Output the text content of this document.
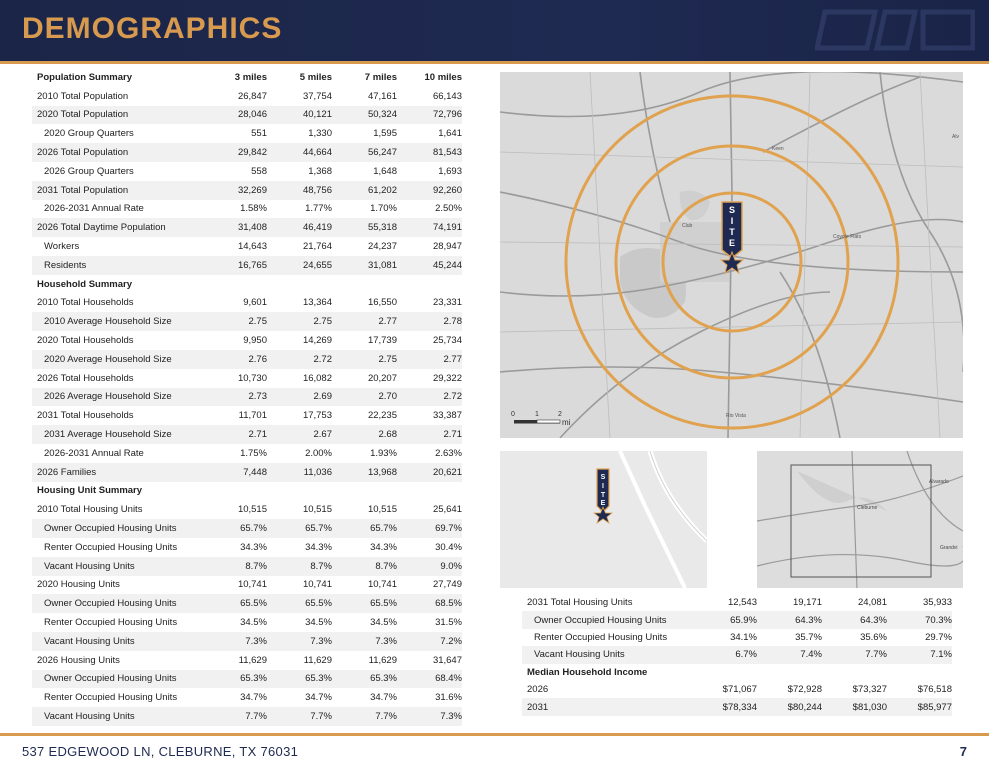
DEMOGRAPHICS
Population Summary	3 miles	5 miles	7 miles	10 miles
2010 Total Population	26,847	37,754	47,161	66,143
2020 Total Population	28,046	40,121	50,324	72,796
2020 Group Quarters	551	1,330	1,595	1,641
2026 Total Population	29,842	44,664	56,247	81,543
2026 Group Quarters	558	1,368	1,648	1,693
2031 Total Population	32,269	48,756	61,202	92,260
2026-2031 Annual Rate	1.58%	1.77%	1.70%	2.50%
2026 Total Daytime Population	31,408	46,419	55,318	74,191
Workers	14,643	21,764	24,237	28,947
Residents	16,765	24,655	31,081	45,244
Household Summary				
2010 Total Households	9,601	13,364	16,550	23,331
2010 Average Household Size	2.75	2.75	2.77	2.78
2020 Total Households	9,950	14,269	17,739	25,734
2020 Average Household Size	2.76	2.72	2.75	2.77
2026 Total Households	10,730	16,082	20,207	29,322
2026 Average Household Size	2.73	2.69	2.70	2.72
2031 Total Households	11,701	17,753	22,235	33,387
2031 Average Household Size	2.71	2.67	2.68	2.71
2026-2031 Annual Rate	1.75%	2.00%	1.93%	2.63%
2026 Families	7,448	11,036	13,968	20,621
Housing Unit Summary				
2010 Total Housing Units	10,515	10,515	10,515	25,641
Owner Occupied Housing Units	65.7%	65.7%	65.7%	69.7%
Renter Occupied Housing Units	34.3%	34.3%	34.3%	30.4%
Vacant Housing Units	8.7%	8.7%	8.7%	9.0%
2020 Housing Units	10,741	10,741	10,741	27,749
Owner Occupied Housing Units	65.5%	65.5%	65.5%	68.5%
Renter Occupied Housing Units	34.5%	34.5%	34.5%	31.5%
Vacant Housing Units	7.3%	7.3%	7.3%	7.2%
2026 Housing Units	11,629	11,629	11,629	31,647
Owner Occupied Housing Units	65.3%	65.3%	65.3%	68.4%
Renter Occupied Housing Units	34.7%	34.7%	34.7%	31.6%
Vacant Housing Units	7.7%	7.7%	7.7%	7.3%
S
I
T
E
Keen
Coyote Flats
Alv
Club
Rio Vista
0	1	2
mi
S
I
T
E
Cleburne
Alvarado
Grandvi
2031 Total Housing Units	12,543	19,171	24,081	35,933
Owner Occupied Housing Units	65.9%	64.3%	64.3%	70.3%
Renter Occupied Housing Units	34.1%	35.7%	35.6%	29.7%
Vacant Housing Units	6.7%	7.4%	7.7%	7.1%
Median Household Income				
2026	$71,067	$72,928	$73,327	$76,518
2031	$78,334	$80,244	$81,030	$85,977
537 EDGEWOOD LN, CLEBURNE, TX 76031	7
